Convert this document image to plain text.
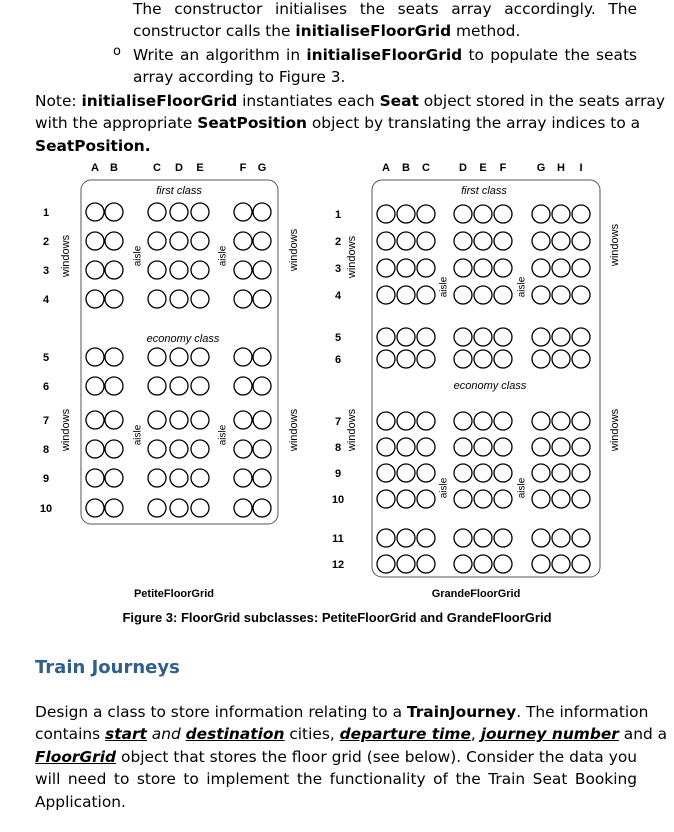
The constructor initialises the seats array accordingly. The constructor calls the initialiseFloorGrid method.

o Write an algorithm in initialiseFloorGrid to populate the seats array according to Figure 3.

Note: initialiseFloorGrid instantiates each Seat object stored in the seats array
with the appropriate SeatPosition object by translating the array indices to a
SeatPosition.

A B	C D E	F G
1
2
3
4
5
6
7
8
9
10
first class
economy class
aisle	aisle
aisle	aisle
windows
windows
windows
windows
PetiteFloorGrid
A B C	D E F	G H I
1
2
3
4
5
6
7
8
9
10
11
12
first class
economy class
aisle	aisle
aisle	aisle
windows
windows
windows
windows
GrandeFloorGrid
Figure 3: FloorGrid subclasses: PetiteFloorGrid and GrandeFloorGrid
Train Journeys

Design a class to store information relating to a TrainJourney. The information
contains start and destination cities, departure time, journey number and a
FloorGrid object that stores the floor grid (see below). Consider the data you
will need to store to implement the functionality of the Train Seat Booking
Application.
